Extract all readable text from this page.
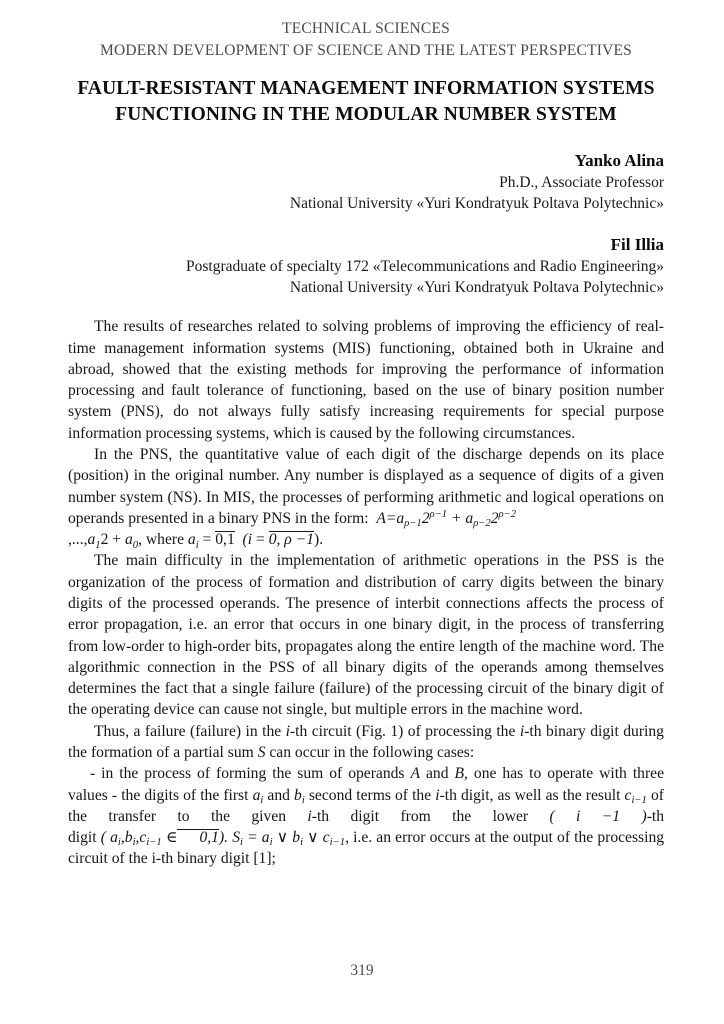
TECHNICAL SCIENCES
MODERN DEVELOPMENT OF SCIENCE AND THE LATEST PERSPECTIVES
FAULT-RESISTANT MANAGEMENT INFORMATION SYSTEMS FUNCTIONING IN THE MODULAR NUMBER SYSTEM
Yanko Alina
Ph.D., Associate Professor
National University «Yuri Kondratyuk Poltava Polytechnic»
Fil Illia
Postgraduate of specialty 172 «Telecommunications and Radio Engineering»
National University «Yuri Kondratyuk Poltava Polytechnic»

The results of researches related to solving problems of improving the efficiency of real-time management information systems (MIS) functioning, obtained both in Ukraine and abroad, showed that the existing methods for improving the performance of information processing and fault tolerance of functioning, based on the use of binary position number system (PNS), do not always fully satisfy increasing requirements for special purpose information processing systems, which is caused by the following circumstances.

In the PNS, the quantitative value of each digit of the discharge depends on its place (position) in the original number. Any number is displayed as a sequence of digits of a given number system (NS). In MIS, the processes of performing arithmetic and logical operations on operands presented in a binary PNS in the form: $A=a_{\rho-1}2^{\rho-1} + a_{\rho-2}2^{\rho-2}$

$,...,a_12 + a_0$, where $a_i = 0,1$ (i = 0, ρ −1).

The main difficulty in the implementation of arithmetic operations in the PSS is the organization of the process of formation and distribution of carry digits between the binary digits of the processed operands. The presence of interbit connections affects the process of error propagation, i.e. an error that occurs in one binary digit, in the process of transferring from low-order to high-order bits, propagates along the entire length of the machine word. The algorithmic connection in the PSS of all binary digits of the operands among themselves determines the fact that a single failure (failure) of the processing circuit of the binary digit of the operating device can cause not single, but multiple errors in the machine word.

Thus, a failure (failure) in the i-th circuit (Fig. 1) of processing the i-th binary digit during the formation of a partial sum S can occur in the following cases:

- in the process of forming the sum of operands A and B, one has to operate with three values - the digits of the first $a_i$ and $b_i$ second terms of the i-th digit, as well as the result $c_{i-1}$ of the transfer to the given i-th digit from the lower ( i −1 )-th digit ( $a_i,b_i,c_{i-1}$ ∈ 0,1). $S_i = a_i$ ∨ $b_i$ ∨ $c_{i-1}$, i.e. an error occurs at the output of the processing circuit of the i-th binary digit [1];

319
